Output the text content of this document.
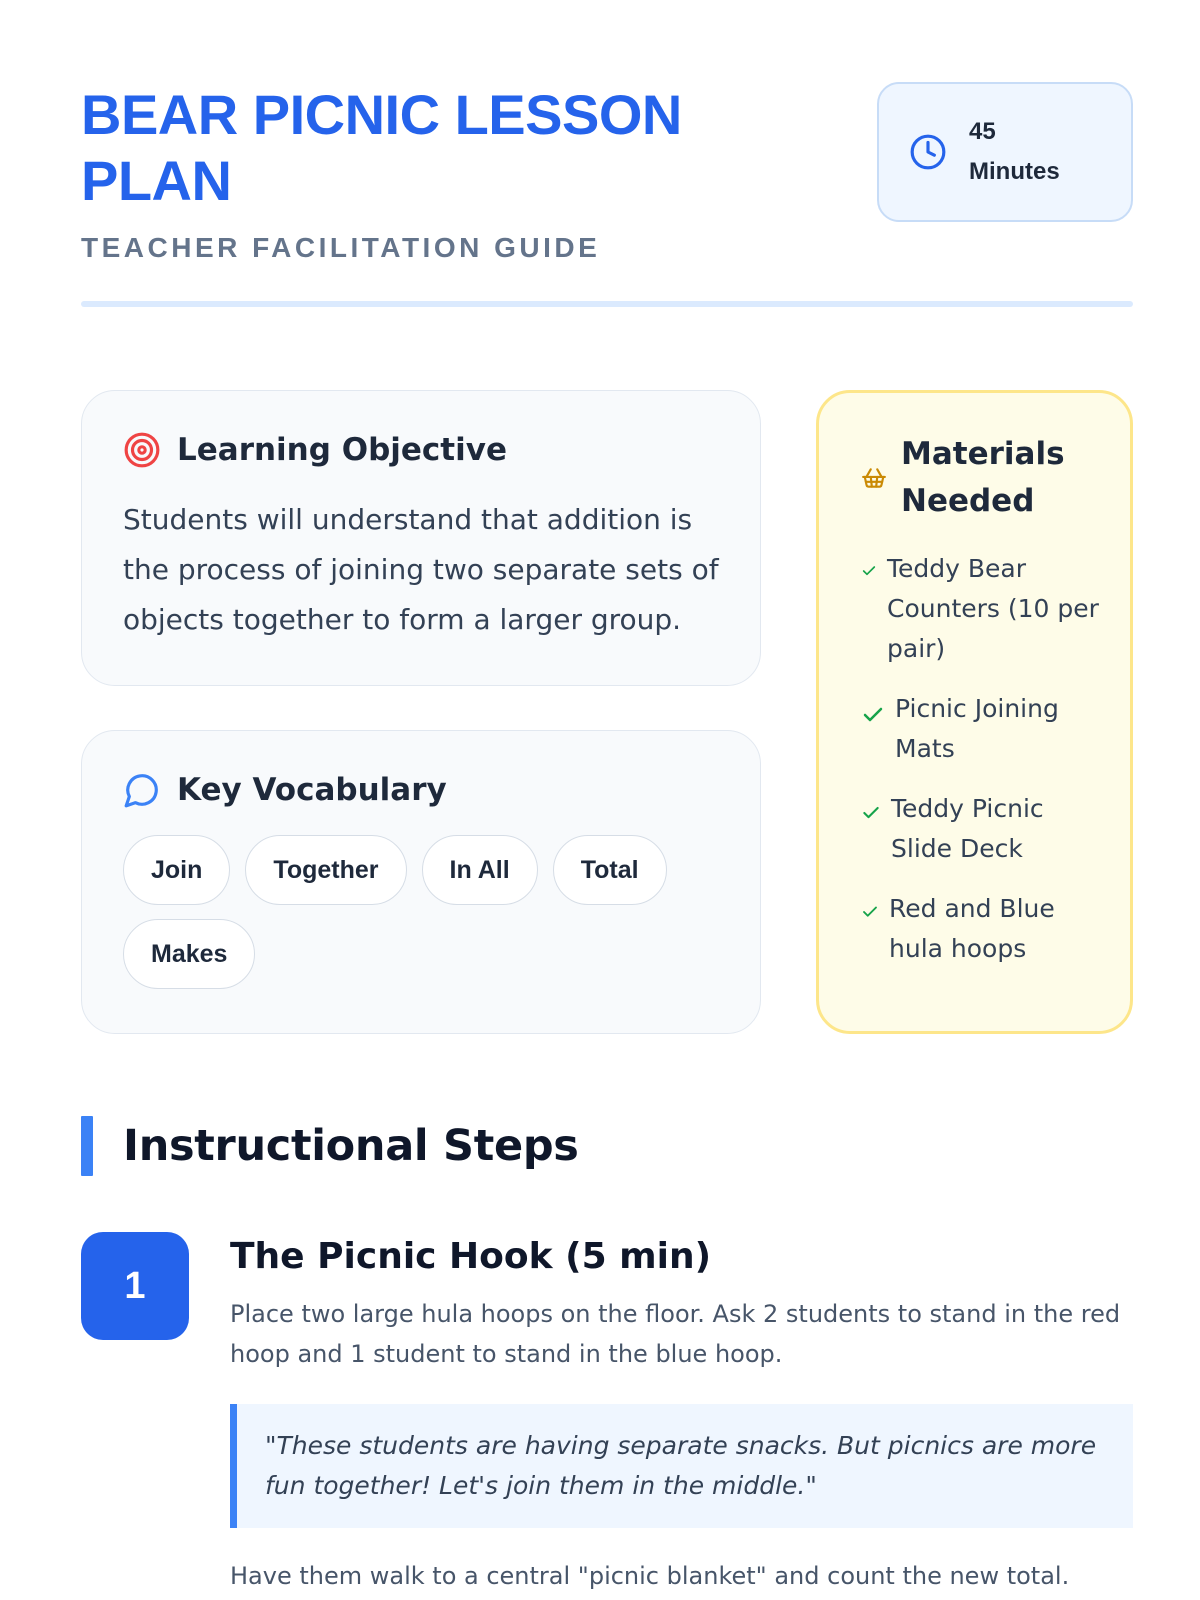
BEAR PICNIC LESSON PLAN
TEACHER FACILITATION GUIDE
45
Minutes
Learning Objective

Students will understand that addition is the process of joining two separate sets of objects together to form a larger group.

Key Vocabulary
Join	Together	In All	Total
Makes
Materials Needed
Teddy Bear Counters (10 per pair)
Picnic Joining Mats
Teddy Picnic Slide Deck
Red and Blue hula hoops
Instructional Steps
1
The Picnic Hook (5 min)

Place two large hula hoops on the floor. Ask 2 students to stand in the red hoop and 1 student to stand in the blue hoop.

"These students are having separate snacks. But picnics are more fun together! Let's join them in the middle."

Have them walk to a central "picnic blanket" and count the new total.
